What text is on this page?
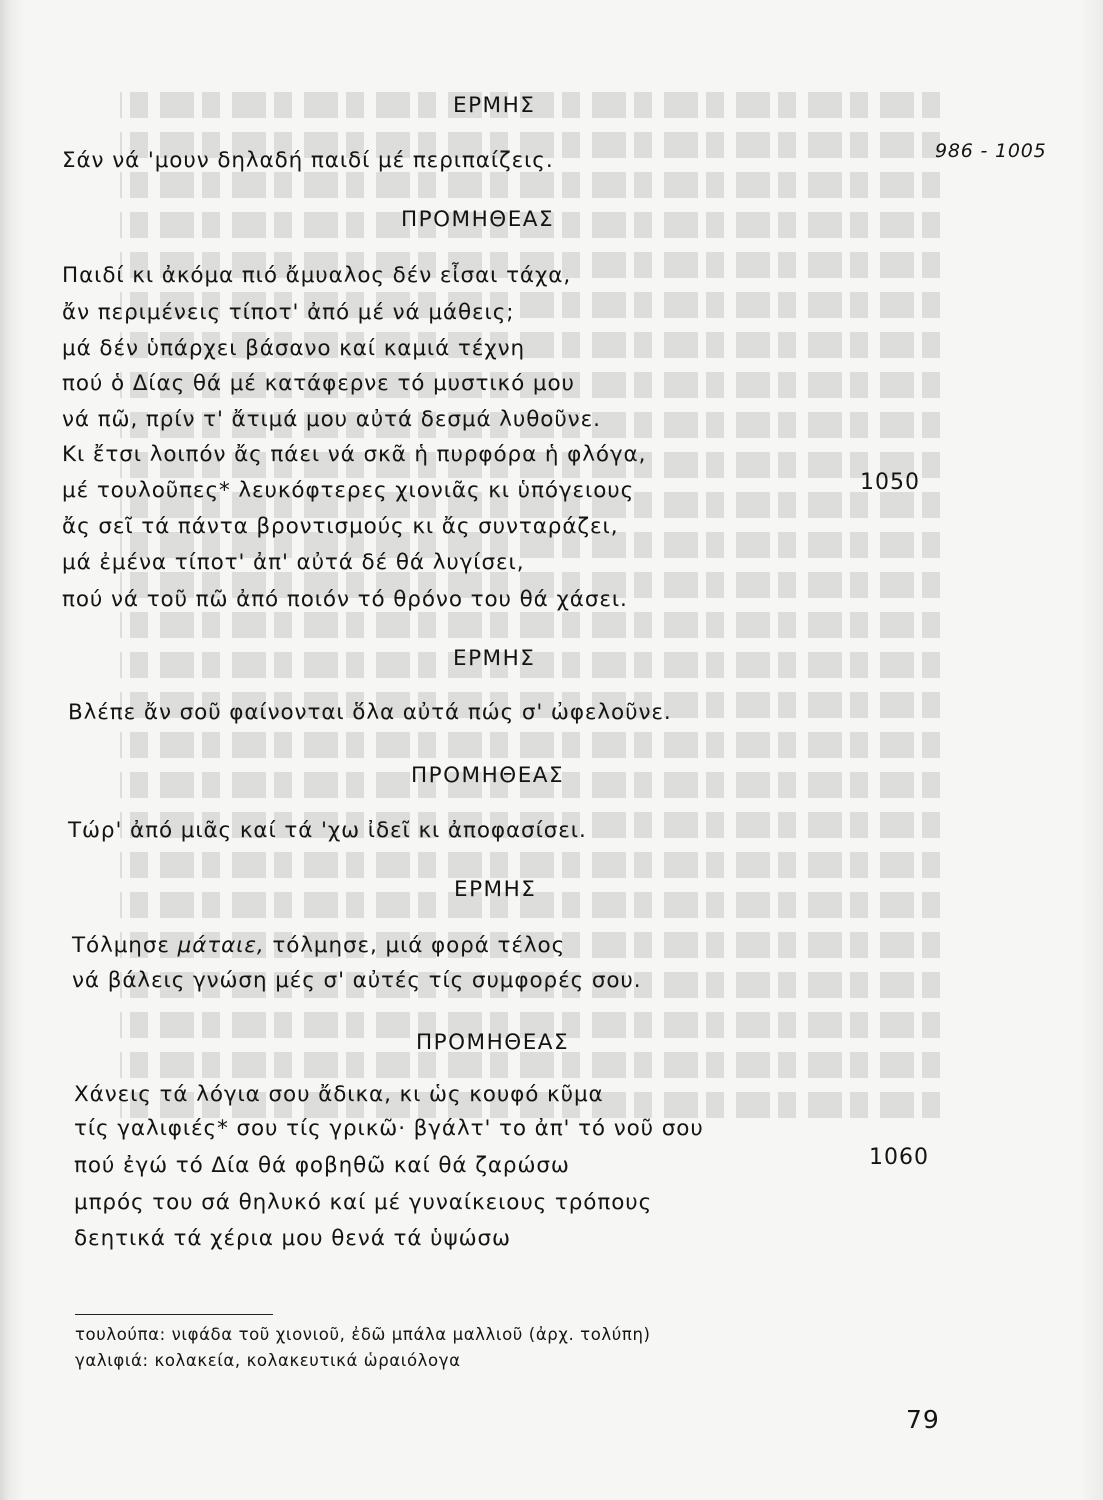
986 - 1005
ΕΡΜΗΣ
Σάν νά 'μουν δηλαδή παιδί μέ περιπαίζεις.
ΠΡΟΜΗΘΕΑΣ
Παιδί κι ἀκόμα πιό ἄμυαλος δέν εἶσαι τάχα,
ἄν περιμένεις τίποτ' ἀπό μέ νά μάθεις;
μά δέν ὑπάρχει βάσανο καί καμιά τέχνη
πού ὁ Δίας θά μέ κατάφερνε τό μυστικό μου
νά πῶ, πρίν τ' ἄτιμά μου αὐτά δεσμά λυθοῦνε.
Κι ἔτσι λοιπόν ἄς πάει νά σκᾶ ἡ πυρφόρα ἡ φλόγα,
μέ τουλοῦπες* λευκόφτερες χιονιᾶς κι ὑπόγειους	1050
ἄς σεῖ τά πάντα βροντισμούς κι ἄς συνταράζει,
μά ἐμένα τίποτ' ἀπ' αὐτά δέ θά λυγίσει,
πού νά τοῦ πῶ ἀπό ποιόν τό θρόνο του θά χάσει.
ΕΡΜΗΣ
Βλέπε ἄν σοῦ φαίνονται ὅλα αὐτά πώς σ' ὠφελοῦνε.
ΠΡΟΜΗΘΕΑΣ
Τώρ' ἀπό μιᾶς καί τά 'χω ἰδεῖ κι ἀποφασίσει.
ΕΡΜΗΣ
Τόλμησε μάταιε, τόλμησε, μιά φορά τέλος
νά βάλεις γνώση μές σ' αὐτές τίς συμφορές σου.
ΠΡΟΜΗΘΕΑΣ
Χάνεις τά λόγια σου ἄδικα, κι ὡς κουφό κῦμα
τίς γαλιφιές* σου τίς γρικῶ· βγάλτ' το ἀπ' τό νοῦ σου
πού ἐγώ τό Δία θά φοβηθῶ καί θά ζαρώσω	1060
μπρός του σά θηλυκό καί μέ γυναίκειους τρόπους
δεητικά τά χέρια μου θενά τά ὑψώσω
τουλούπα: νιφάδα τοῦ χιονιοῦ, ἐδῶ μπάλα μαλλιοῦ (ἀρχ. τολύπη)
γαλιφιά: κολακεία, κολακευτικά ὡραιόλογα
79
